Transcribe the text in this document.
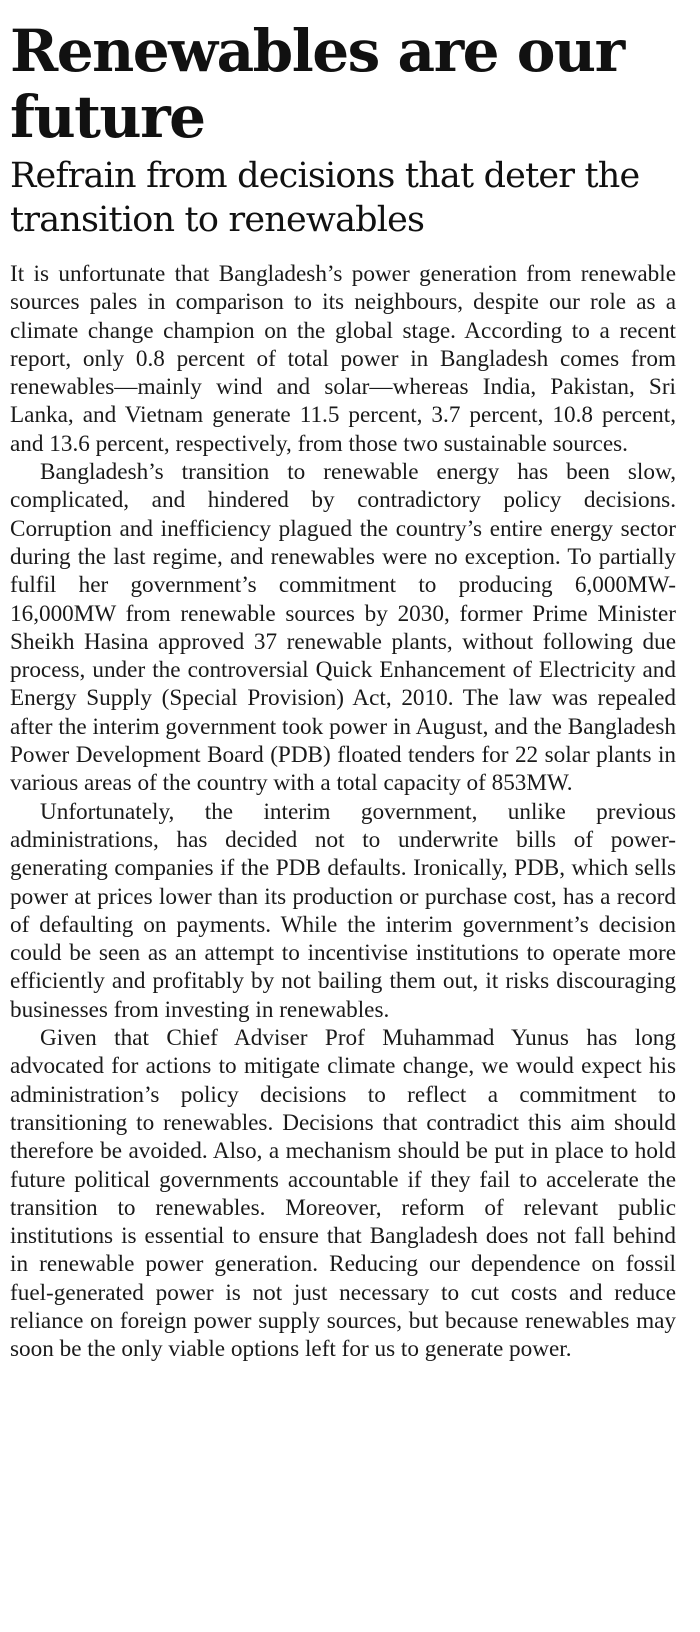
Renewables are our future
Refrain from decisions that deter the transition to renewables

It is unfortunate that Bangladesh’s power generation from renewable sources pales in comparison to its neighbours, despite our role as a climate change champion on the global stage. According to a recent report, only 0.8 percent of total power in Bangladesh comes from renewables—mainly wind and solar—whereas India, Pakistan, Sri Lanka, and Vietnam generate 11.5 percent, 3.7 percent, 10.8 percent, and 13.6 percent, respectively, from those two sustainable sources.

Bangladesh’s transition to renewable energy has been slow, complicated, and hindered by contradictory policy decisions. Corruption and inefficiency plagued the country’s entire energy sector during the last regime, and renewables were no exception. To partially fulfil her government’s commitment to producing 6,000MW-16,000MW from renewable sources by 2030, former Prime Minister Sheikh Hasina approved 37 renewable plants, without following due process, under the controversial Quick Enhancement of Electricity and Energy Supply (Special Provision) Act, 2010. The law was repealed after the interim government took power in August, and the Bangladesh Power Development Board (PDB) floated tenders for 22 solar plants in various areas of the country with a total capacity of 853MW.

Unfortunately, the interim government, unlike previous administrations, has decided not to underwrite bills of power-generating companies if the PDB defaults. Ironically, PDB, which sells power at prices lower than its production or purchase cost, has a record of defaulting on payments. While the interim government’s decision could be seen as an attempt to incentivise institutions to operate more efficiently and profitably by not bailing them out, it risks discouraging businesses from investing in renewables.

Given that Chief Adviser Prof Muhammad Yunus has long advocated for actions to mitigate climate change, we would expect his administration’s policy decisions to reflect a commitment to transitioning to renewables. Decisions that contradict this aim should therefore be avoided. Also, a mechanism should be put in place to hold future political governments accountable if they fail to accelerate the transition to renewables. Moreover, reform of relevant public institutions is essential to ensure that Bangladesh does not fall behind in renewable power generation. Reducing our dependence on fossil fuel-generated power is not just necessary to cut costs and reduce reliance on foreign power supply sources, but because renewables may soon be the only viable options left for us to generate power.
